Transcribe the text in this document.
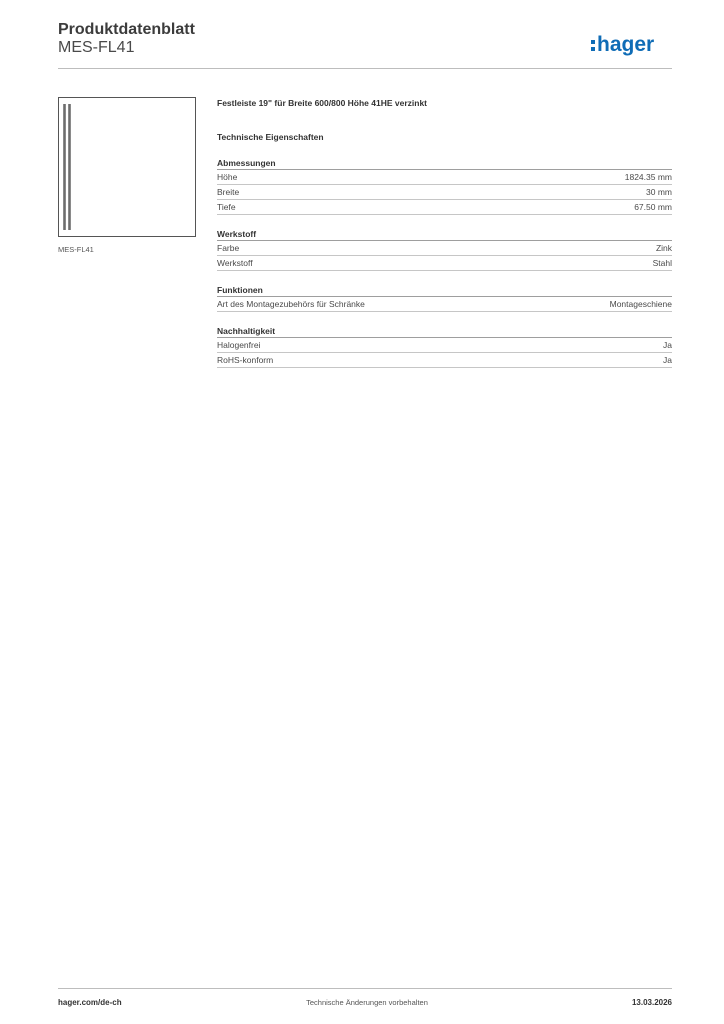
Produktdatenblatt
MES-FL41	hager
MES-FL41
Festleiste 19" für Breite 600/800 Höhe 41HE verzinkt
Technische Eigenschaften
Abmessungen
Höhe	1824.35 mm
Breite	30 mm
Tiefe	67.50 mm
Werkstoff
Farbe	Zink
Werkstoff	Stahl
Funktionen
Art des Montagezubehörs für Schränke	Montageschiene
Nachhaltigkeit
Halogenfrei	Ja
RoHS-konform	Ja
hager.com/de-ch	Technische Änderungen vorbehalten	13.03.2026
